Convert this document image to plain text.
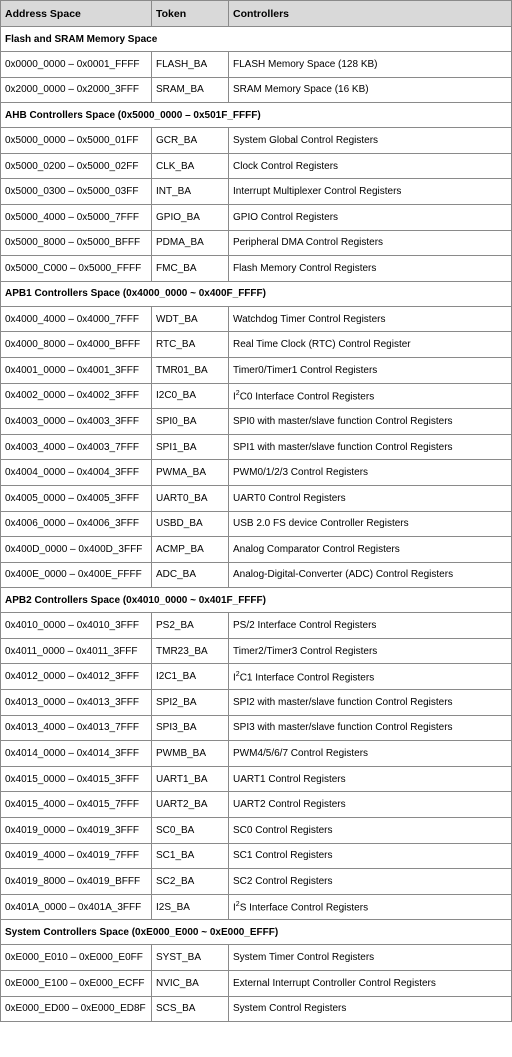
Address Space	Token	Controllers
Flash and SRAM Memory Space		
0x0000_0000 – 0x0001_FFFF	FLASH_BA	FLASH Memory Space (128 KB)
0x2000_0000 – 0x2000_3FFF	SRAM_BA	SRAM Memory Space (16 KB)
AHB Controllers Space (0x5000_0000 – 0x501F_FFFF)		
0x5000_0000 – 0x5000_01FF	GCR_BA	System Global Control Registers
0x5000_0200 – 0x5000_02FF	CLK_BA	Clock Control Registers
0x5000_0300 – 0x5000_03FF	INT_BA	Interrupt Multiplexer Control Registers
0x5000_4000 – 0x5000_7FFF	GPIO_BA	GPIO Control Registers
0x5000_8000 – 0x5000_BFFF	PDMA_BA	Peripheral DMA Control Registers
0x5000_C000 – 0x5000_FFFF	FMC_BA	Flash Memory Control Registers
APB1 Controllers Space (0x4000_0000 ~ 0x400F_FFFF)		
0x4000_4000 – 0x4000_7FFF	WDT_BA	Watchdog Timer Control Registers
0x4000_8000 – 0x4000_BFFF	RTC_BA	Real Time Clock (RTC) Control Register
0x4001_0000 – 0x4001_3FFF	TMR01_BA	Timer0/Timer1 Control Registers
0x4002_0000 – 0x4002_3FFF	I2C0_BA	$I^2C0$ Interface Control Registers
0x4003_0000 – 0x4003_3FFF	SPI0_BA	SPI0 with master/slave function Control Registers
0x4003_4000 – 0x4003_7FFF	SPI1_BA	SPI1 with master/slave function Control Registers
0x4004_0000 – 0x4004_3FFF	PWMA_BA	PWM0/1/2/3 Control Registers
0x4005_0000 – 0x4005_3FFF	UART0_BA	UART0 Control Registers
0x4006_0000 – 0x4006_3FFF	USBD_BA	USB 2.0 FS device Controller Registers
0x400D_0000 – 0x400D_3FFF	ACMP_BA	Analog Comparator Control Registers
0x400E_0000 – 0x400E_FFFF	ADC_BA	Analog-Digital-Converter (ADC) Control Registers
APB2 Controllers Space (0x4010_0000 ~ 0x401F_FFFF)		
0x4010_0000 – 0x4010_3FFF	PS2_BA	PS/2 Interface Control Registers
0x4011_0000 – 0x4011_3FFF	TMR23_BA	Timer2/Timer3 Control Registers
0x4012_0000 – 0x4012_3FFF	I2C1_BA	$I^2C1$ Interface Control Registers
0x4013_0000 – 0x4013_3FFF	SPI2_BA	SPI2 with master/slave function Control Registers
0x4013_4000 – 0x4013_7FFF	SPI3_BA	SPI3 with master/slave function Control Registers
0x4014_0000 – 0x4014_3FFF	PWMB_BA	PWM4/5/6/7 Control Registers
0x4015_0000 – 0x4015_3FFF	UART1_BA	UART1 Control Registers
0x4015_4000 – 0x4015_7FFF	UART2_BA	UART2 Control Registers
0x4019_0000 – 0x4019_3FFF	SC0_BA	SC0 Control Registers
0x4019_4000 – 0x4019_7FFF	SC1_BA	SC1 Control Registers
0x4019_8000 – 0x4019_BFFF	SC2_BA	SC2 Control Registers
0x401A_0000 – 0x401A_3FFF	I2S_BA	$I^2S$ Interface Control Registers
System Controllers Space (0xE000_E000 ~ 0xE000_EFFF)		
0xE000_E010 – 0xE000_E0FF	SYST_BA	System Timer Control Registers
0xE000_E100 – 0xE000_ECFF	NVIC_BA	External Interrupt Controller Control Registers
0xE000_ED00 – 0xE000_ED8F	SCS_BA	System Control Registers
